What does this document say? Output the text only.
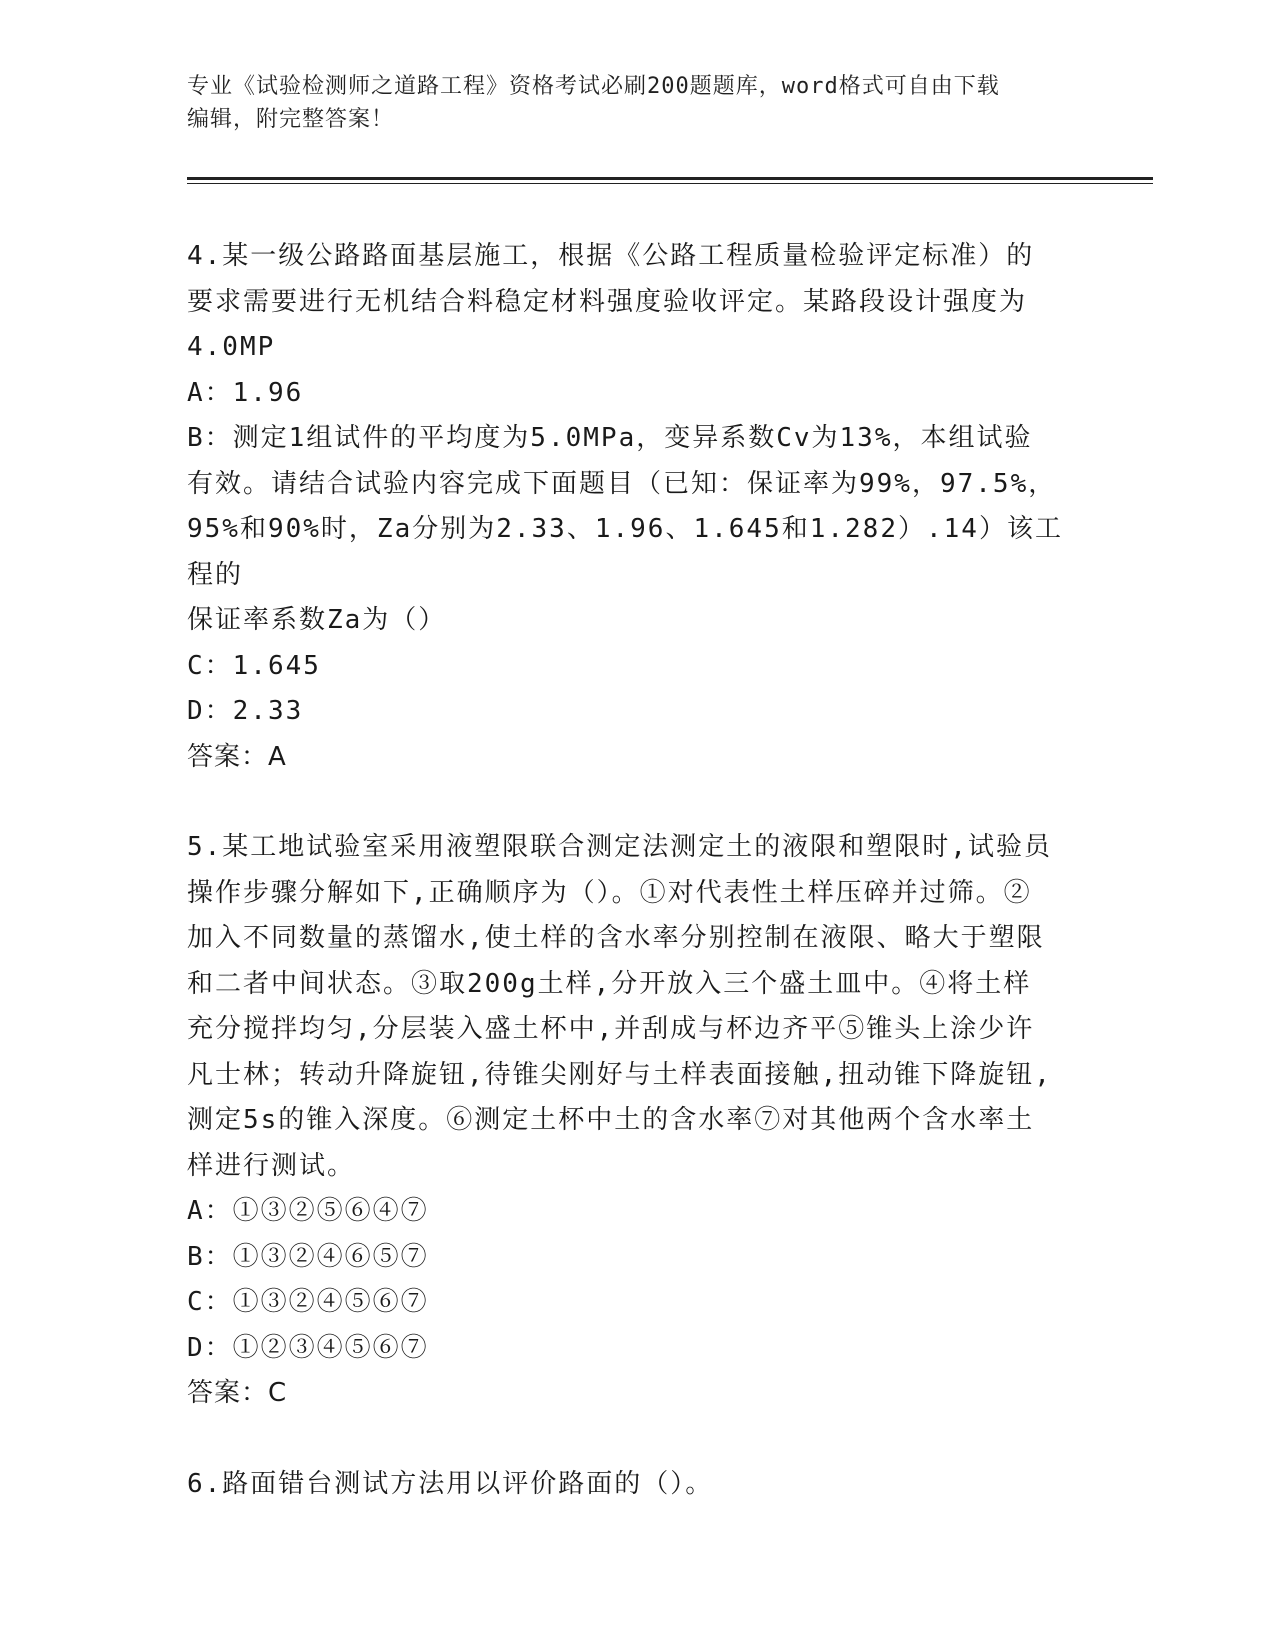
专业《试验检测师之道路工程》资格考试必刷200题题库，word格式可自由下载
编辑，附完整答案！

4.某一级公路路面基层施工，根据《公路工程质量检验评定标准）的

要求需要进行无机结合料稳定材料强度验收评定。某路段设计强度为

4.0MP

A：1.96

B：测定1组试件的平均度为5.0MPa，变异系数Cv为13%，本组试验

有效。请结合试验内容完成下面题目（已知：保证率为99%，97.5%，

95%和90%时，Za分别为2.33、1.96、1.645和1.282）.14）该工程的

保证率系数Za为（）

C：1.645

D：2.33

答案：A

5.某工地试验室采用液塑限联合测定法测定土的液限和塑限时,试验员

操作步骤分解如下,正确顺序为（）。①对代表性土样压碎并过筛。②

加入不同数量的蒸馏水,使土样的含水率分别控制在液限、略大于塑限

和二者中间状态。③取200g土样,分开放入三个盛土皿中。④将土样

充分搅拌均匀,分层装入盛土杯中,并刮成与杯边齐平⑤锥头上涂少许

凡士林；转动升降旋钮,待锥尖刚好与土样表面接触,扭动锥下降旋钮,

测定5s的锥入深度。⑥测定土杯中土的含水率⑦对其他两个含水率土

样进行测试。

A：①③②⑤⑥④⑦

B：①③②④⑥⑤⑦

C：①③②④⑤⑥⑦

D：①②③④⑤⑥⑦

答案：C

6.路面错台测试方法用以评价路面的（）。
